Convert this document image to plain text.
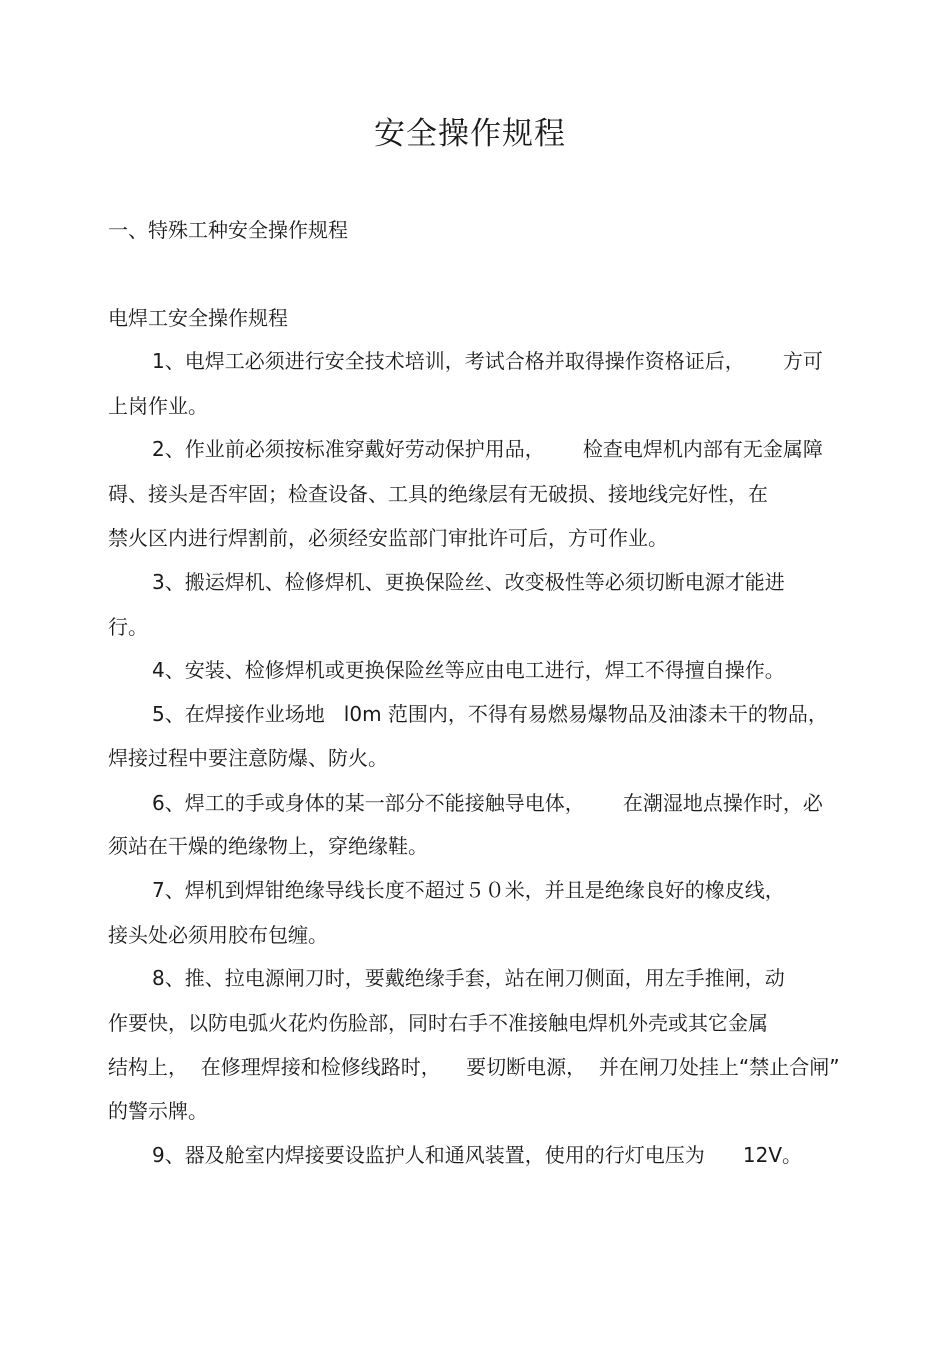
安全操作规程
一、特殊工种安全操作规程
电焊工安全操作规程
1、电焊工必须进行安全技术培训，考试合格并取得操作资格证后，      方可
上岗作业。
2、作业前必须按标准穿戴好劳动保护用品，      检查电焊机内部有无金属障
碍、接头是否牢固；检查设备、工具的绝缘层有无破损、接地线完好性，在
禁火区内进行焊割前，必须经安监部门审批许可后，方可作业。
3、搬运焊机、检修焊机、更换保险丝、改变极性等必须切断电源才能进
行。
4、安装、检修焊机或更换保险丝等应由电工进行，焊工不得擅自操作。
5、在焊接作业场地   l0m 范围内，不得有易燃易爆物品及油漆未干的物品，
焊接过程中要注意防爆、防火。
6、焊工的手或身体的某一部分不能接触导电体，      在潮湿地点操作时，必
须站在干燥的绝缘物上，穿绝缘鞋。
7、焊机到焊钳绝缘导线长度不超过５０米，并且是绝缘良好的橡皮线，
接头处必须用胶布包缠。
8、推、拉电源闸刀时，要戴绝缘手套，站在闸刀侧面，用左手推闸，动
作要快，以防电弧火花灼伤脸部，同时右手不准接触电焊机外壳或其它金属
结构上，  在修理焊接和检修线路时，    要切断电源，  并在闸刀处挂上“禁止合闸”
的警示牌。
9、器及舱室内焊接要设监护人和通风装置，使用的行灯电压为      12V。
